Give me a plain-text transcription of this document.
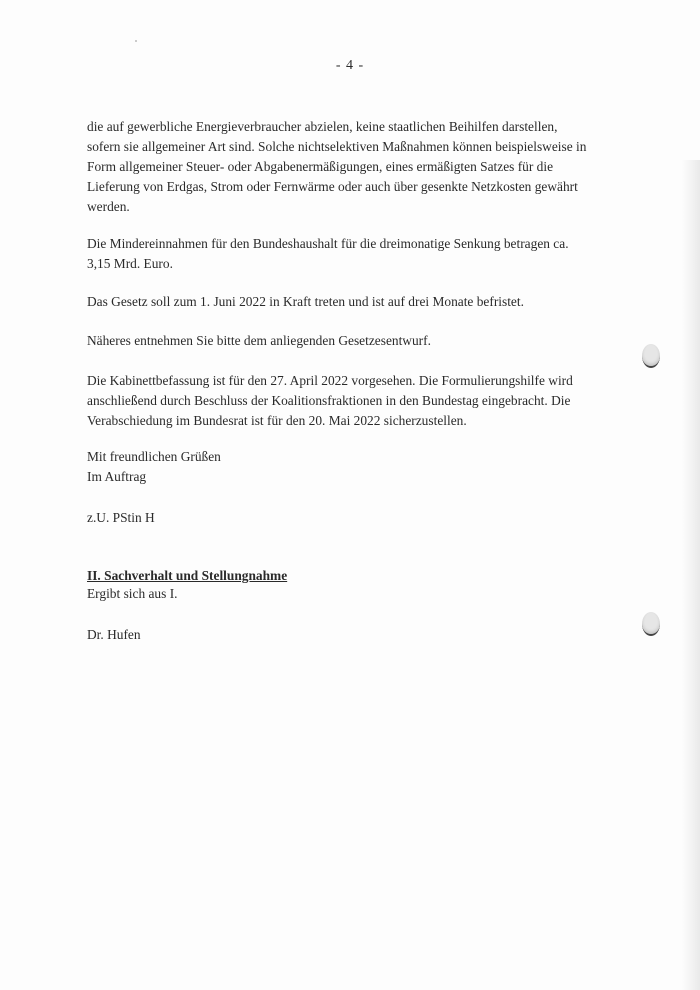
- 4 -

die auf gewerbliche Energieverbraucher abzielen, keine staatlichen Beihilfen darstellen,

sofern sie allgemeiner Art sind. Solche nichtselektiven Maßnahmen können beispielsweise in

Form allgemeiner Steuer- oder Abgabenermäßigungen, eines ermäßigten Satzes für die

Lieferung von Erdgas, Strom oder Fernwärme oder auch über gesenkte Netzkosten gewährt

werden.

Die Mindereinnahmen für den Bundeshaushalt für die dreimonatige Senkung betragen ca.

3,15 Mrd. Euro.

Das Gesetz soll zum 1. Juni 2022 in Kraft treten und ist auf drei Monate befristet.

Näheres entnehmen Sie bitte dem anliegenden Gesetzesentwurf.

Die Kabinettbefassung ist für den 27. April 2022 vorgesehen. Die Formulierungshilfe wird

anschließend durch Beschluss der Koalitionsfraktionen in den Bundestag eingebracht. Die

Verabschiedung im Bundesrat ist für den 20. Mai 2022 sicherzustellen.

Mit freundlichen Grüßen

Im Auftrag

z.U. PStin H
II. Sachverhalt und Stellungnahme
Ergibt sich aus I.
Dr. Hufen
